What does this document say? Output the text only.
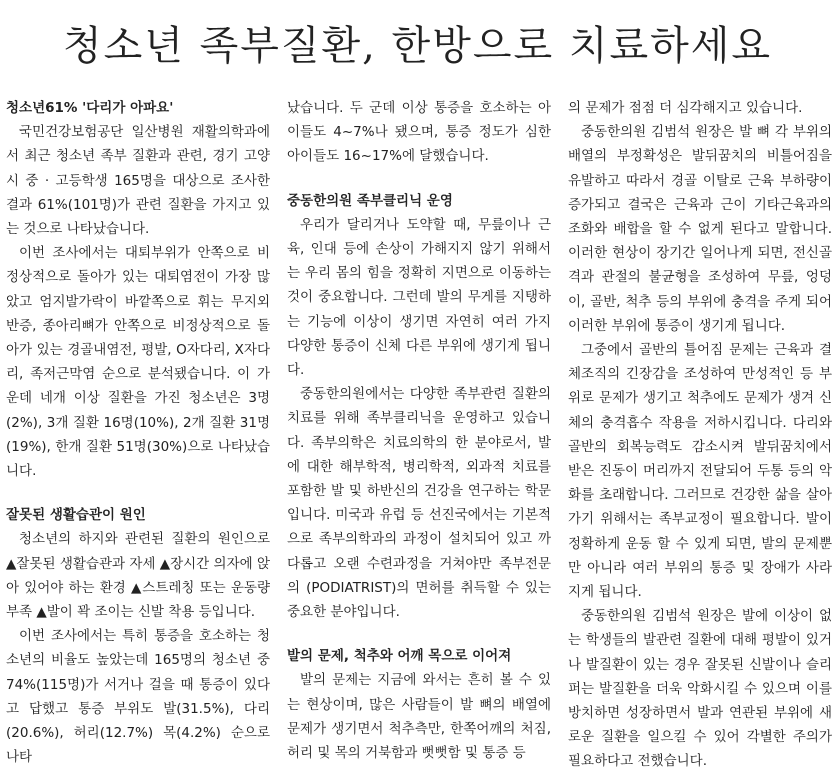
청소년 족부질환, 한방으로 치료하세요
청소년61% '다리가 아파요'

국민건강보험공단 일산병원 재활의학과에서 최근 청소년 족부 질환과 관련, 경기 고양시 중 · 고등학생 165명을 대상으로 조사한 결과 61%(101명)가 관련 질환을 가지고 있는 것으로 나타났습니다.

이번 조사에서는 대퇴부위가 안쪽으로 비정상적으로 돌아가 있는 대퇴염전이 가장 많았고 엄지발가락이 바깥쪽으로 휘는 무지외반증, 종아리뼈가 안쪽으로 비정상적으로 돌아가 있는 경골내염전, 평발, O자다리, X자다리, 족저근막염 순으로 분석됐습니다. 이 가운데 네개 이상 질환을 가진 청소년은 3명(2%), 3개 질환 16명(10%), 2개 질환 31명(19%), 한개 질환 51명(30%)으로 나타났습니다.

잘못된 생활습관이 원인

청소년의 하지와 관련된 질환의 원인으로 ▲잘못된 생활습관과 자세 ▲장시간 의자에 앉아 있어야 하는 환경 ▲스트레칭 또는 운동량 부족 ▲발이 꽉 조이는 신발 착용 등입니다.

이번 조사에서는 특히 통증을 호소하는 청소년의 비율도 높았는데 165명의 청소년 중 74%(115명)가 서거나 걸을 때 통증이 있다고 답했고 통증 부위도 발(31.5%), 다리(20.6%), 허리(12.7%) 목(4.2%) 순으로 나타

났습니다. 두 군데 이상 통증을 호소하는 아이들도 4~7%나 됐으며, 통증 정도가 심한 아이들도 16~17%에 달했습니다.

중동한의원 족부클리닉 운영

우리가 달리거나 도약할 때, 무릎이나 근육, 인대 등에 손상이 가해지지 않기 위해서는 우리 몸의 힘을 정확히 지면으로 이동하는 것이 중요합니다. 그런데 발의 무게를 지탱하는 기능에 이상이 생기면 자연히 여러 가지 다양한 통증이 신체 다른 부위에 생기게 됩니다.

중동한의원에서는 다양한 족부관련 질환의 치료를 위해 족부클리닉을 운영하고 있습니다. 족부의학은 치료의학의 한 분야로서, 발에 대한 해부학적, 병리학적, 외과적 치료를 포함한 발 및 하반신의 건강을 연구하는 학문입니다. 미국과 유럽 등 선진국에서는 기본적으로 족부의학과의 과정이 설치되어 있고 까다롭고 오랜 수련과정을 거쳐야만 족부전문의 (PODIATRIST)의 면허를 취득할 수 있는 중요한 분야입니다.

발의 문제, 척추와 어깨 목으로 이어져

발의 문제는 지금에 와서는 흔히 볼 수 있는 현상이며, 많은 사람들이 발 뼈의 배열에 문제가 생기면서 척추측만, 한쪽어깨의 처짐, 허리 및 목의 거북함과 뻣뻣함 및 통증 등

의 문제가 점점 더 심각해지고 있습니다.

중동한의원 김범석 원장은 발 뼈 각 부위의 배열의 부정확성은 발뒤꿈치의 비틀어짐을 유발하고 따라서 경골 이탈로 근육 부하량이 증가되고 결국은 근육과 근이 기타근육과의 조화와 배합을 할 수 없게 된다고 말합니다. 이러한 현상이 장기간 일어나게 되면, 전신골격과 관절의 불균형을 조성하여 무릎, 엉덩이, 골반, 척추 등의 부위에 충격을 주게 되어 이러한 부위에 통증이 생기게 됩니다.

그중에서 골반의 틀어짐 문제는 근육과 결체조직의 긴장감을 조성하여 만성적인 등 부위로 문제가 생기고 척추에도 문제가 생겨 신체의 충격흡수 작용을 저하시킵니다. 다리와 골반의 회복능력도 감소시켜 발뒤꿈치에서 받은 진동이 머리까지 전달되어 두통 등의 악화를 초래합니다. 그러므로 건강한 삶을 살아가기 위해서는 족부교정이 필요합니다. 발이 정확하게 운동 할 수 있게 되면, 발의 문제뿐만 아니라 여러 부위의 통증 및 장애가 사라지게 됩니다.

중동한의원 김범석 원장은 발에 이상이 없는 학생들의 발관련 질환에 대해 평발이 있거나 발질환이 있는 경우 잘못된 신발이나 슬리퍼는 발질환을 더욱 악화시킬 수 있으며 이를 방치하면 성장하면서 발과 연관된 부위에 새로운 질환을 일으킬 수 있어 각별한 주의가 필요하다고 전했습니다.
